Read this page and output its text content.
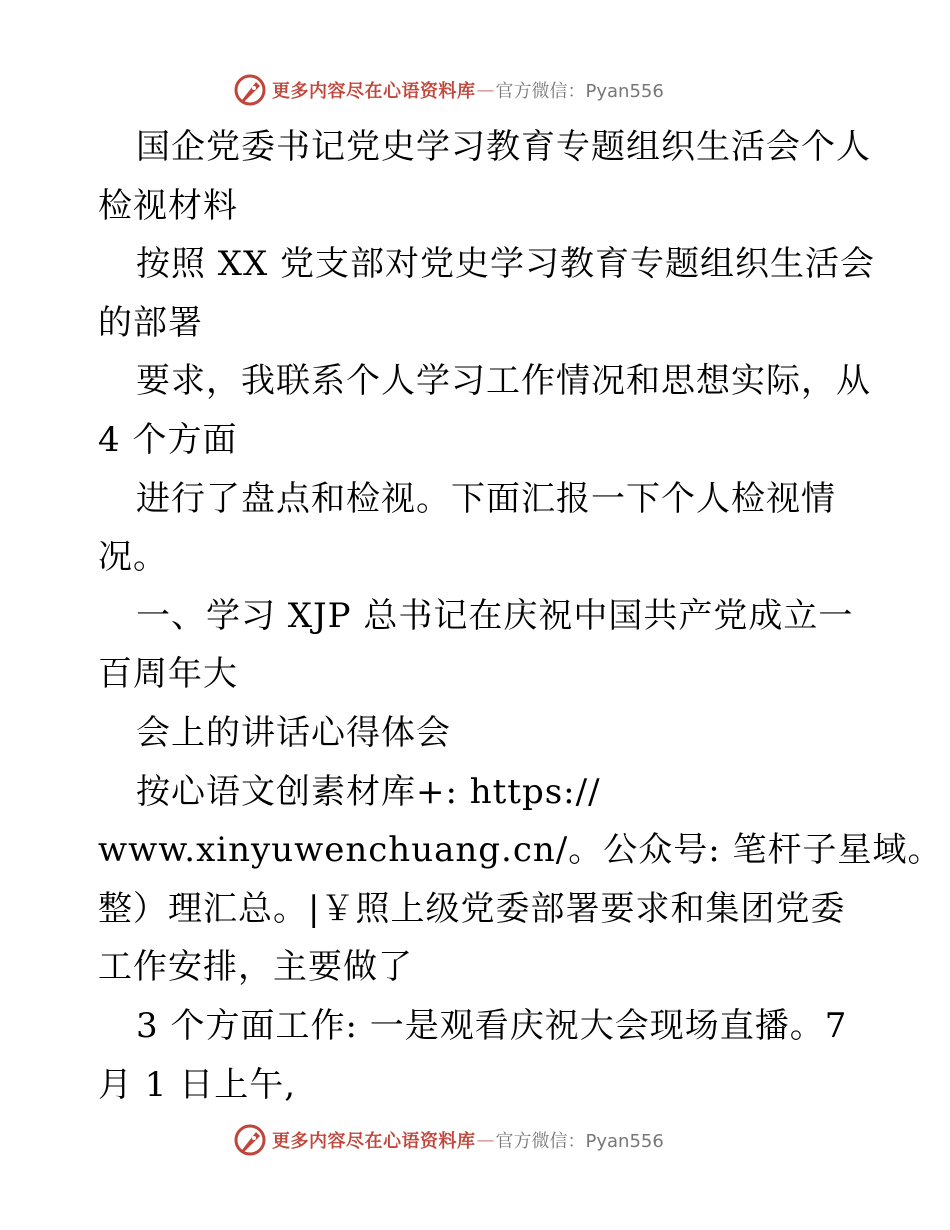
更多内容尽在心语资料库 — 官方微信：Pyan556
国企党委书记党史学习教育专题组织生活会个人
检视材料
按照 XX 党支部对党史学习教育专题组织生活会
的部署
要求，我联系个人学习工作情况和思想实际，从
4 个方面
进行了盘点和检视。下面汇报一下个人检视情
况。
一、学习 XJP 总书记在庆祝中国共产党成立一
百周年大
会上的讲话心得体会
按心语文创素材库+: https://
www.xinyuwenchuang.cn/。公众号: 笔杆子星域。
整）理汇总。|￥照上级党委部署要求和集团党委
工作安排，主要做了
3 个方面工作: 一是观看庆祝大会现场直播。7
月 1 日上午,
更多内容尽在心语资料库 — 官方微信：Pyan556
